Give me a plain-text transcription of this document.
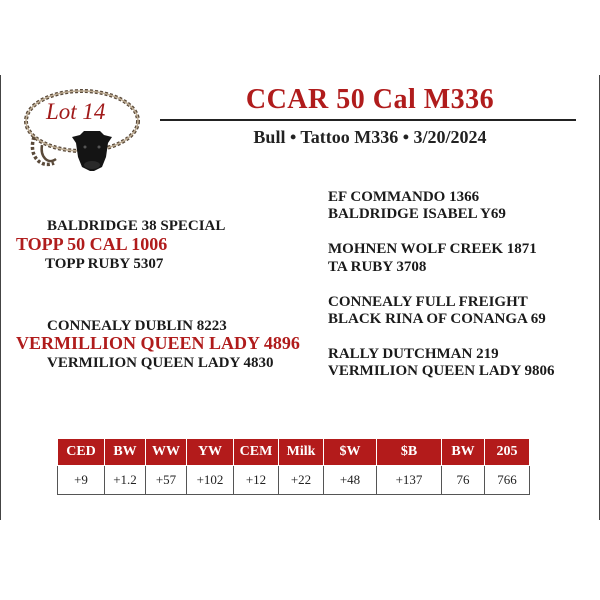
Lot 14	CCAR 50 Cal M336
Bull • Tattoo M336 • 3/20/2024
BALDRIDGE 38 SPECIAL
TOPP 50 CAL 1006
TOPP RUBY 5307
CONNEALY DUBLIN 8223
VERMILLION QUEEN LADY 4896
VERMILION QUEEN LADY 4830
EF COMMANDO 1366
BALDRIDGE ISABEL Y69
MOHNEN WOLF CREEK 1871
TA RUBY 3708
CONNEALY FULL FREIGHT
BLACK RINA OF CONANGA 69
RALLY DUTCHMAN 219
VERMILION QUEEN LADY 9806
CED	BW	WW	YW	CEM	Milk	$W	$B	BW	205
+9	+1.2	+57	+102	+12	+22	+48	+137	76	766
